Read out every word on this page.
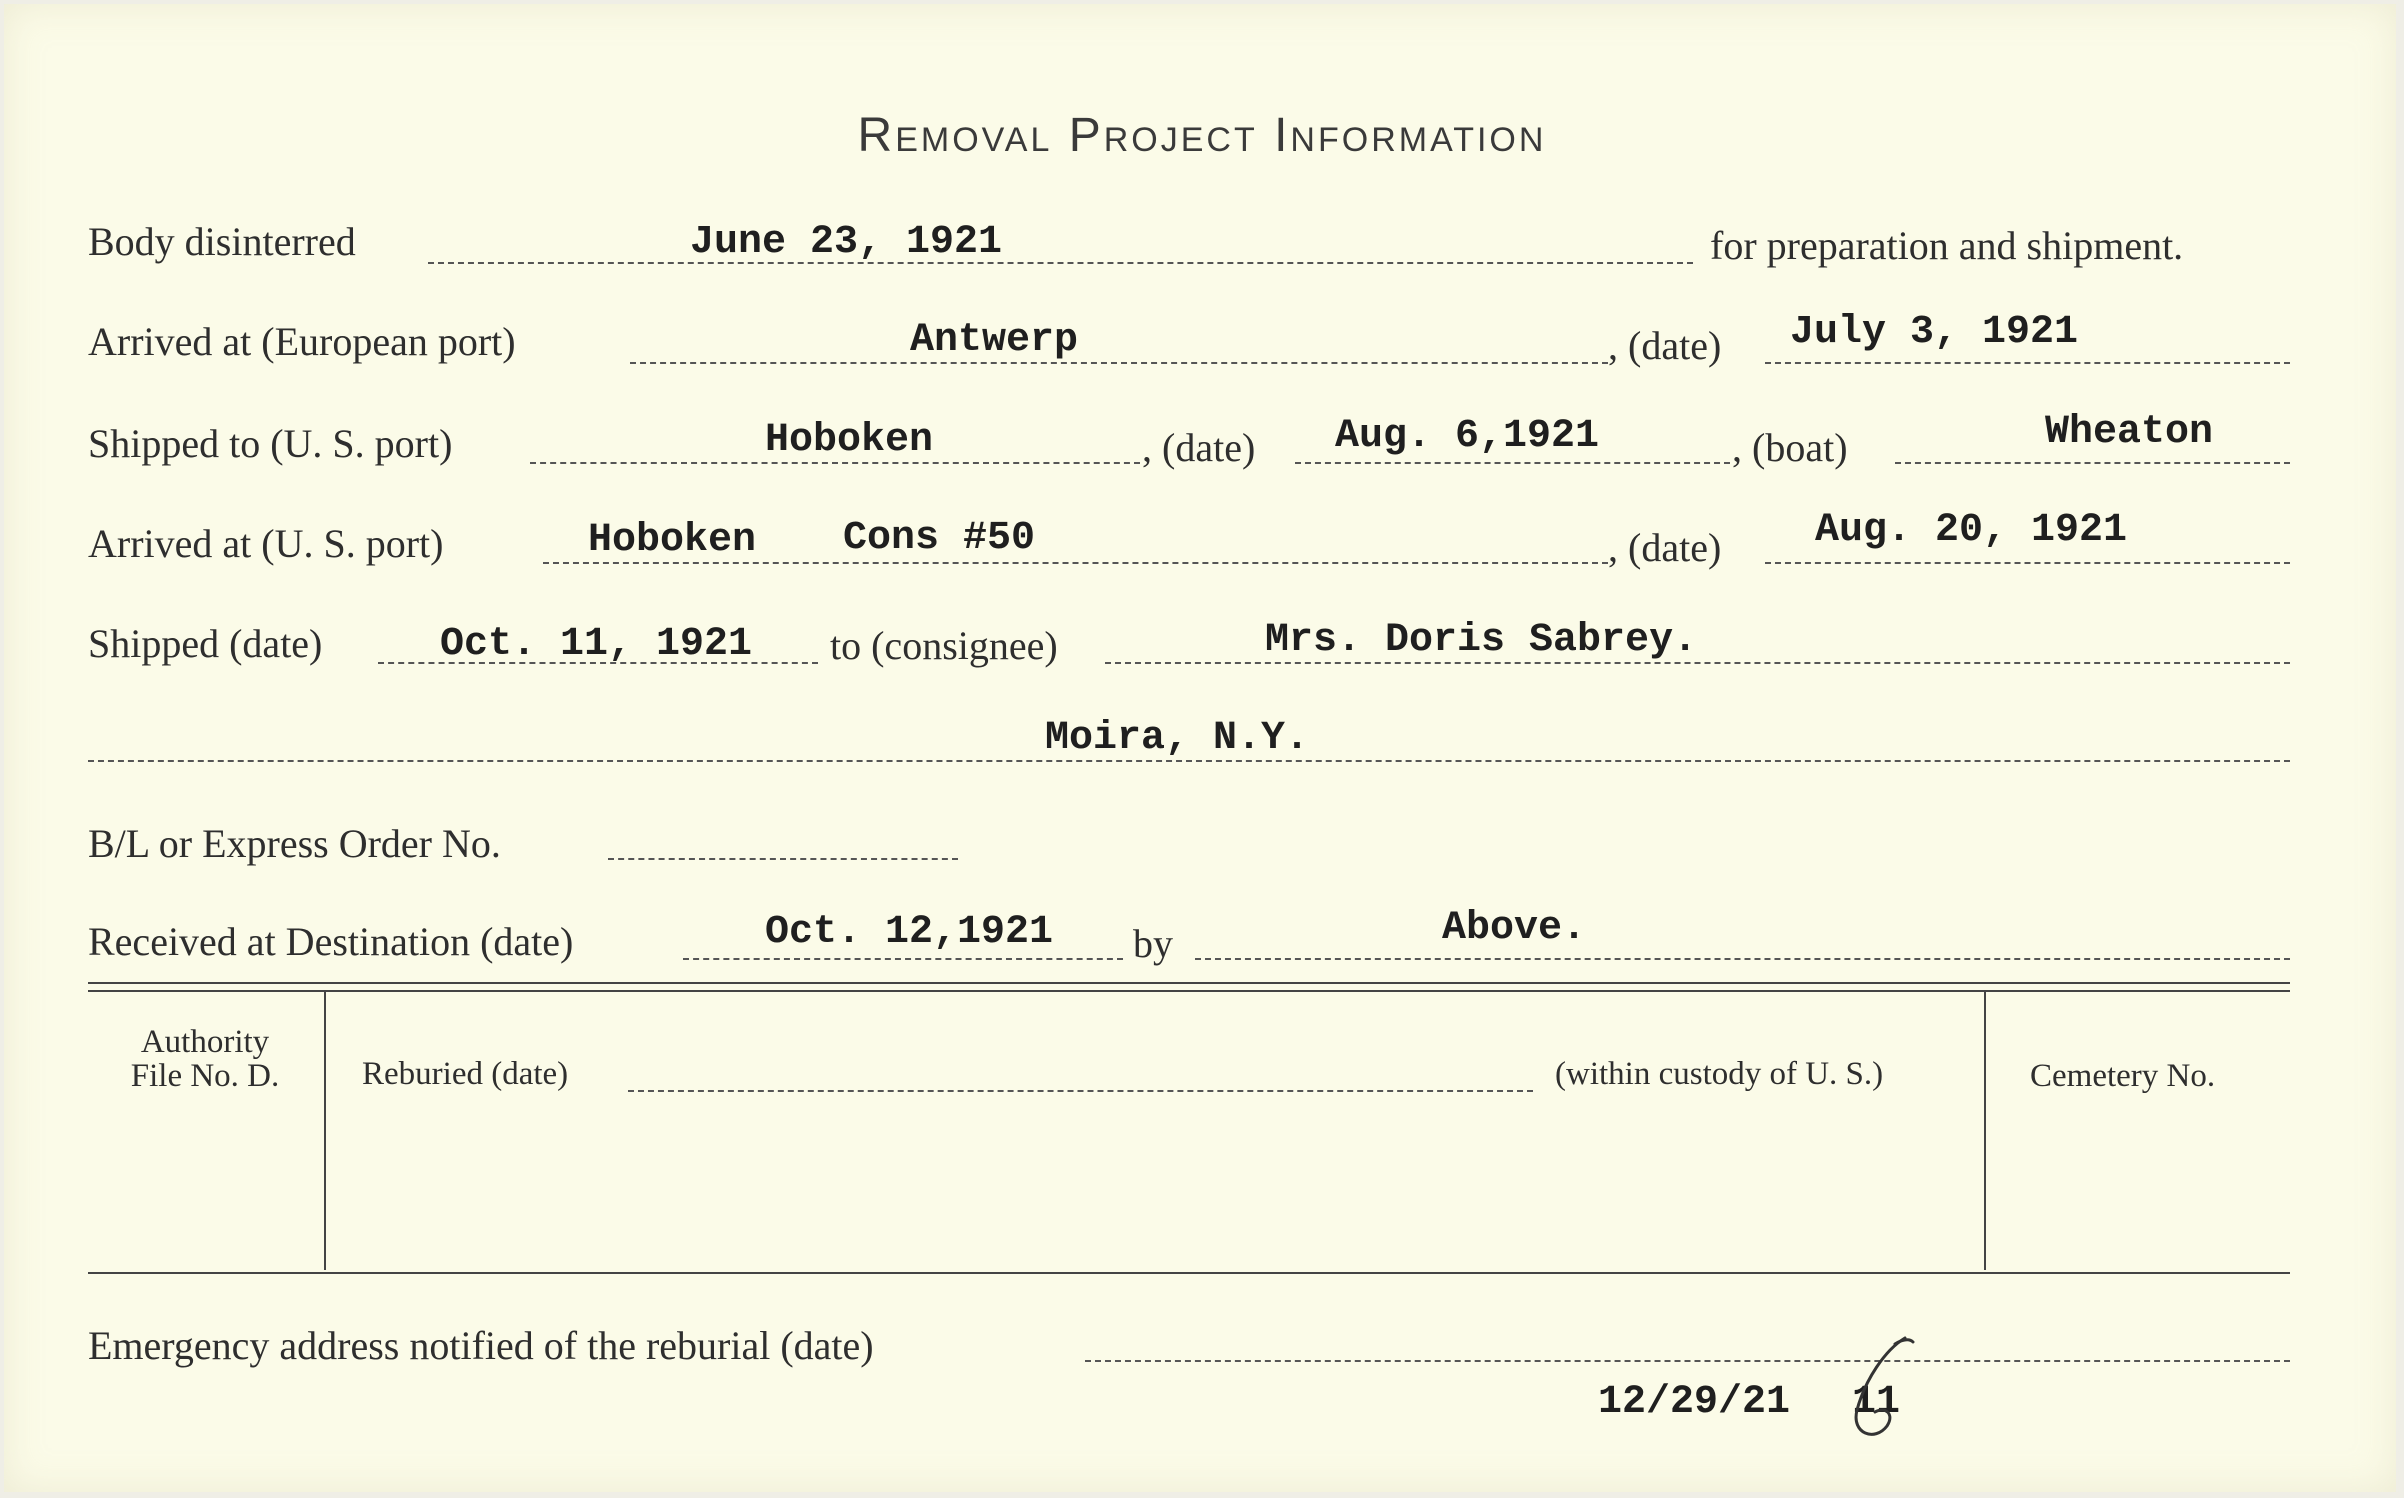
Removal Project Information
Body disinterred	June 23, 1921	for preparation and shipment.
Arrived at (European port)	Antwerp	, (date) July 3, 1921
Shipped to (U. S. port)	Hoboken	, (date) Aug. 6,1921	, (boat)	Wheaton
Arrived at (U. S. port)	Hoboken Cons #50	, (date) Aug. 20, 1921
Shipped (date)	Oct. 11, 1921 to (consignee)	Mrs. Doris Sabrey.
Moira, N.Y.
B/L or Express Order No.
Received at Destination (date)	Oct. 12,1921 by	Above.
Authority
File No. D.	Reburied (date)	(within custody of U. S.)	Cemetery No.
Emergency address notified of the reburial (date)
12/29/21 11
